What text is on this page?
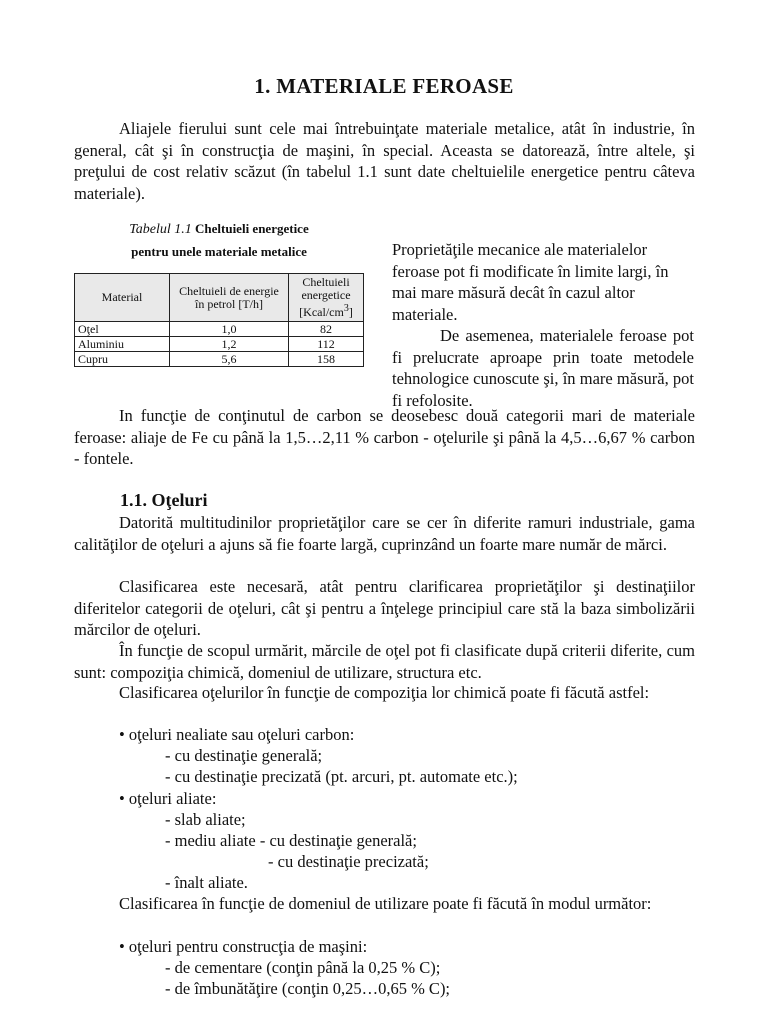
1. MATERIALE FEROASE

Aliajele fierului sunt cele mai întrebuinţate materiale metalice, atât în industrie, în general, cât şi în construcţia de maşini, în special. Aceasta se datorează, între altele, şi preţului de cost relativ scăzut (în tabelul 1.1 sunt date cheltuielile energetice pentru câteva materiale).

Tabelul 1.1 Cheltuieli energetice
pentru unele materiale metalice
Material	Cheltuieli de energie în petrol [T/h]	Cheltuieli energetice $[Kcal/cm^3]$
Oţel	1,0	82
Aluminiu	1,2	112
Cupru	5,6	158

Proprietăţile mecanice ale materialelor feroase pot fi modificate în limite largi, în mai mare măsură decât în cazul altor materiale.

De asemenea, materialele feroase pot fi prelucrate aproape prin toate metodele tehnologice cunoscute şi, în mare măsură, pot fi refolosite.

In funcţie de conţinutul de carbon se deosebesc două categorii mari de materiale feroase: aliaje de Fe cu până la 1,5…2,11 % carbon - oţelurile şi până la 4,5…6,67 % carbon - fontele.

1.1. Oţeluri

Datorită multitudinilor proprietăţilor care se cer în diferite ramuri industriale, gama calităţilor de oţeluri a ajuns să fie foarte largă, cuprinzând un foarte mare număr de mărci.

Clasificarea este necesară, atât pentru clarificarea proprietăţilor şi destinaţiilor diferitelor categorii de oţeluri, cât şi pentru a înţelege principiul care stă la baza simbolizării mărcilor de oţeluri.

În funcţie de scopul urmărit, mărcile de oţel pot fi clasificate după criterii diferite, cum sunt: compoziţia chimică, domeniul de utilizare, structura etc.

Clasificarea oţelurilor în funcţie de compoziţia lor chimică poate fi făcută astfel:

• oţeluri nealiate sau oţeluri carbon:
- cu destinaţie generală;
- cu destinaţie precizată (pt. arcuri, pt. automate etc.);
• oţeluri aliate:
- slab aliate;
- mediu aliate - cu destinaţie generală;
- cu destinaţie precizată;
- înalt aliate.

Clasificarea în funcţie de domeniul de utilizare poate fi făcută în modul următor:

• oţeluri pentru construcţia de maşini:
- de cementare (conţin până la 0,25 % C);
- de îmbunătăţire (conţin 0,25…0,65 % C);
